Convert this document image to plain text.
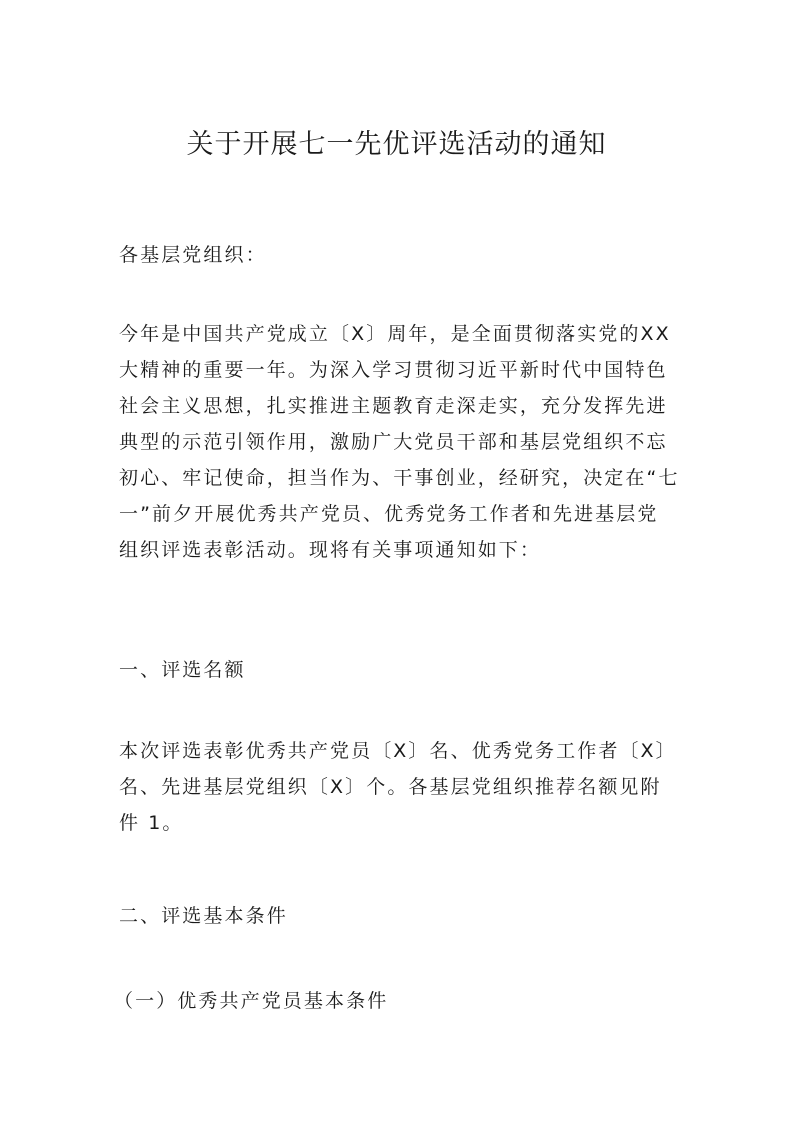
关于开展七一先优评选活动的通知

各基层党组织：

今年是中国共产党成立〔X〕周年，是全面贯彻落实党的XX
大精神的重要一年。为深入学习贯彻习近平新时代中国特色
社会主义思想，扎实推进主题教育走深走实，充分发挥先进
典型的示范引领作用，激励广大党员干部和基层党组织不忘
初心、牢记使命，担当作为、干事创业，经研究，决定在“七
一”前夕开展优秀共产党员、优秀党务工作者和先进基层党
组织评选表彰活动。现将有关事项通知如下：

一、评选名额

本次评选表彰优秀共产党员〔X〕名、优秀党务工作者〔X〕
名、先进基层党组织〔X〕个。各基层党组织推荐名额见附
件 1。

二、评选基本条件

（一）优秀共产党员基本条件
